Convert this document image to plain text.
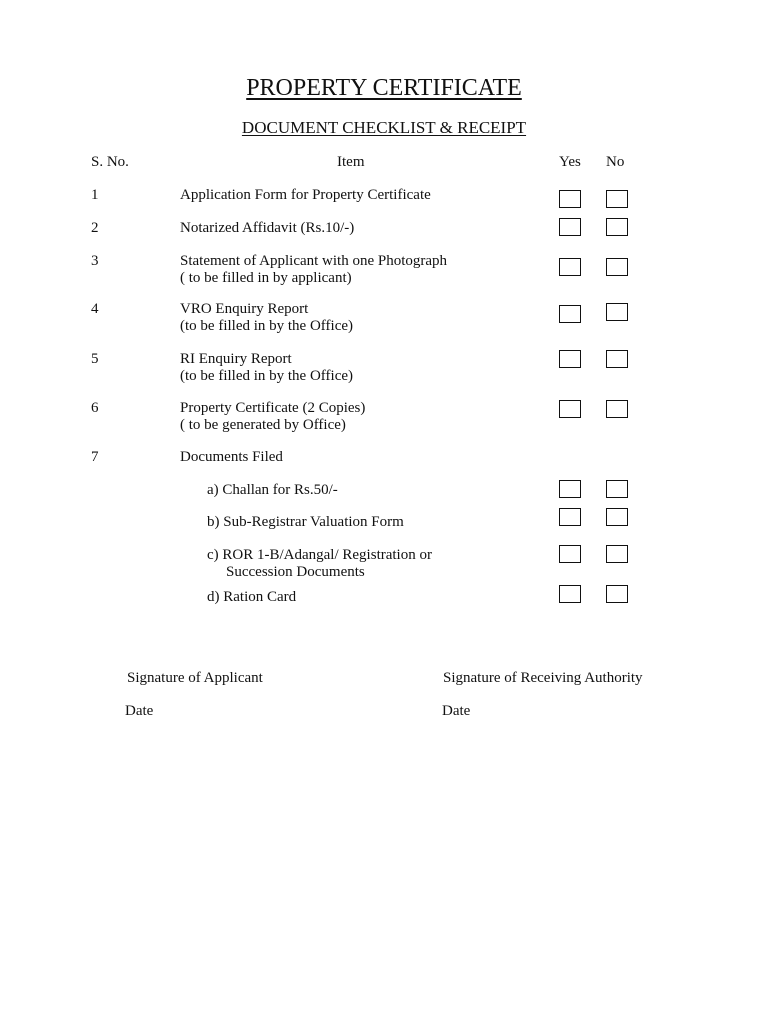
PROPERTY CERTIFICATE
DOCUMENT CHECKLIST & RECEIPT
S. No.	Item	Yes No
1	Application Form for Property Certificate
2	Notarized Affidavit (Rs.10/-)
3	Statement of Applicant with one Photograph
( to be filled in by applicant)
4	VRO Enquiry Report
(to be filled in by the Office)
5	RI Enquiry Report
(to be filled in by the Office)
6	Property Certificate (2 Copies)
( to be generated by Office)
7	Documents Filed
a) Challan for Rs.50/-
b) Sub-Registrar Valuation Form
c) ROR 1-B/Adangal/ Registration or
Succession Documents
d) Ration Card
Signature of Applicant	Signature of Receiving Authority
Date	Date
